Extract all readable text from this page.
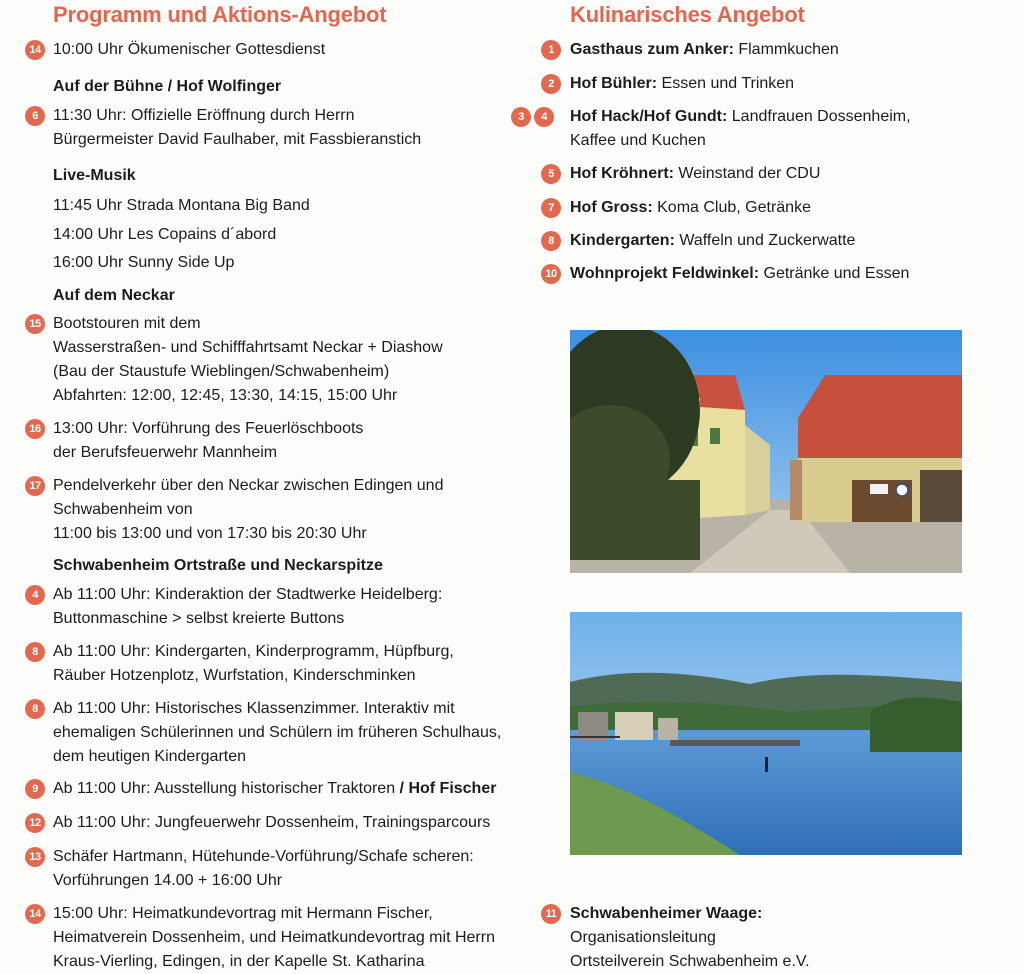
Programm und Aktions-Angebot
14 10:00 Uhr Ökumenischer Gottesdienst
Auf der Bühne / Hof Wolfinger
6 11:30 Uhr: Offizielle Eröffnung durch Herrn
Bürgermeister David Faulhaber, mit Fassbieranstich
Live-Musik
11:45 Uhr Strada Montana Big Band
14:00 Uhr Les Copains d´abord
16:00 Uhr Sunny Side Up
Auf dem Neckar
15 Bootstouren mit dem
Wasserstraßen- und Schifffahrtsamt Neckar + Diashow
(Bau der Staustufe Wieblingen/Schwabenheim)
Abfahrten: 12:00, 12:45, 13:30, 14:15, 15:00 Uhr
16 13:00 Uhr: Vorführung des Feuerlöschboots
der Berufsfeuerwehr Mannheim
17 Pendelverkehr über den Neckar zwischen Edingen und
Schwabenheim von
11:00 bis 13:00 und von 17:30 bis 20:30 Uhr
Schwabenheim Ortstraße und Neckarspitze
4 Ab 11:00 Uhr: Kinderaktion der Stadtwerke Heidelberg:
Buttonmaschine > selbst kreierte Buttons
8 Ab 11:00 Uhr: Kindergarten, Kinderprogramm, Hüpfburg,
Räuber Hotzenplotz, Wurfstation, Kinderschminken
8 Ab 11:00 Uhr: Historisches Klassenzimmer. Interaktiv mit
ehemaligen Schülerinnen und Schülern im früheren Schulhaus,
dem heutigen Kindergarten
9 Ab 11:00 Uhr: Ausstellung historischer Traktoren / Hof Fischer
12 Ab 11:00 Uhr: Jungfeuerwehr Dossenheim, Trainingsparcours
13 Schäfer Hartmann, Hütehunde-Vorführung/Schafe scheren:
Vorführungen 14.00 + 16:00 Uhr
14 15:00 Uhr: Heimatkundevortrag mit Hermann Fischer,
Heimatverein Dossenheim, und Heimatkundevortrag mit Herrn
Kraus-Vierling, Edingen, in der Kapelle St. Katharina
Kulinarisches Angebot
1	Gasthaus zum Anker: Flammkuchen
2	Hof Bühler: Essen und Trinken
3	4	Hof Hack/Hof Gundt: Landfrauen Dossenheim,
Kaffee und Kuchen
5	Hof Kröhnert: Weinstand der CDU
7	Hof Gross: Koma Club, Getränke
8	Kindergarten: Waffeln und Zuckerwatte
10 Wohnprojekt Feldwinkel: Getränke und Essen
11 Schwabenheimer Waage:
Organisationsleitung
Ortsteilverein Schwabenheim e.V.
